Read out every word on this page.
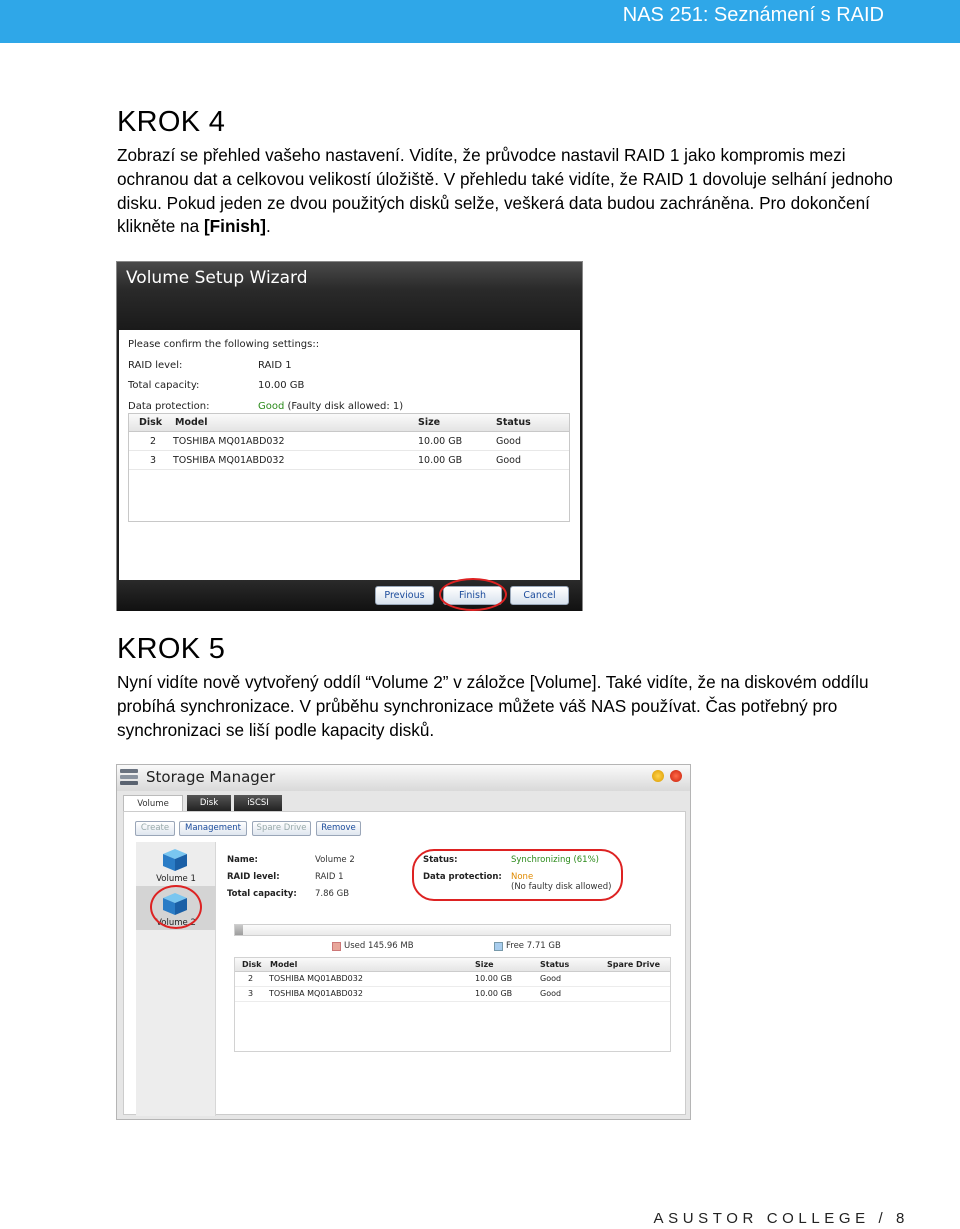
NAS 251: Seznámení s RAID
KROK 4
Zobrazí se přehled vašeho nastavení. Vidíte, že průvodce nastavil RAID 1 jako kompromis mezi
ochranou dat a celkovou velikostí úložiště. V přehledu také vidíte, že RAID 1 dovoluje selhání jednoho
disku. Pokud jeden ze dvou použitých disků selže, veškerá data budou zachráněna. Pro dokončení
klikněte na [Finish].
Volume Setup Wizard
Please confirm the following settings::
RAID level:	RAID 1
Total capacity:	10.00 GB
Data protection:	Good (Faulty disk allowed: 1)
Disk Model	Size	Status
2 TOSHIBA MQ01ABD032	10.00 GB	Good
3 TOSHIBA MQ01ABD032	10.00 GB	Good
Previous	Finish	Cancel
KROK 5
Nyní vidíte nově vytvořený oddíl “Volume 2” v záložce [Volume]. Také vidíte, že na diskovém oddílu
probíhá synchronizace. V průběhu synchronizace můžete váš NAS používat. Čas potřebný pro
synchronizaci se liší podle kapacity disků.
Storage Manager
Volume	Disk	iSCSI
Create	Management	Spare Drive	Remove
Volume 1
Volume 2
Name:	Volume 2
RAID level:	RAID 1
Total capacity: 7.86 GB
Status:	Synchronizing (61%)
Data protection: None
(No faulty disk allowed)
Used 145.96 MB	Free 7.71 GB
Disk Model	Size	Status	Spare Drive
2 TOSHIBA MQ01ABD032	10.00 GB	Good
3 TOSHIBA MQ01ABD032	10.00 GB	Good
ASUSTOR COLLEGE / 8
